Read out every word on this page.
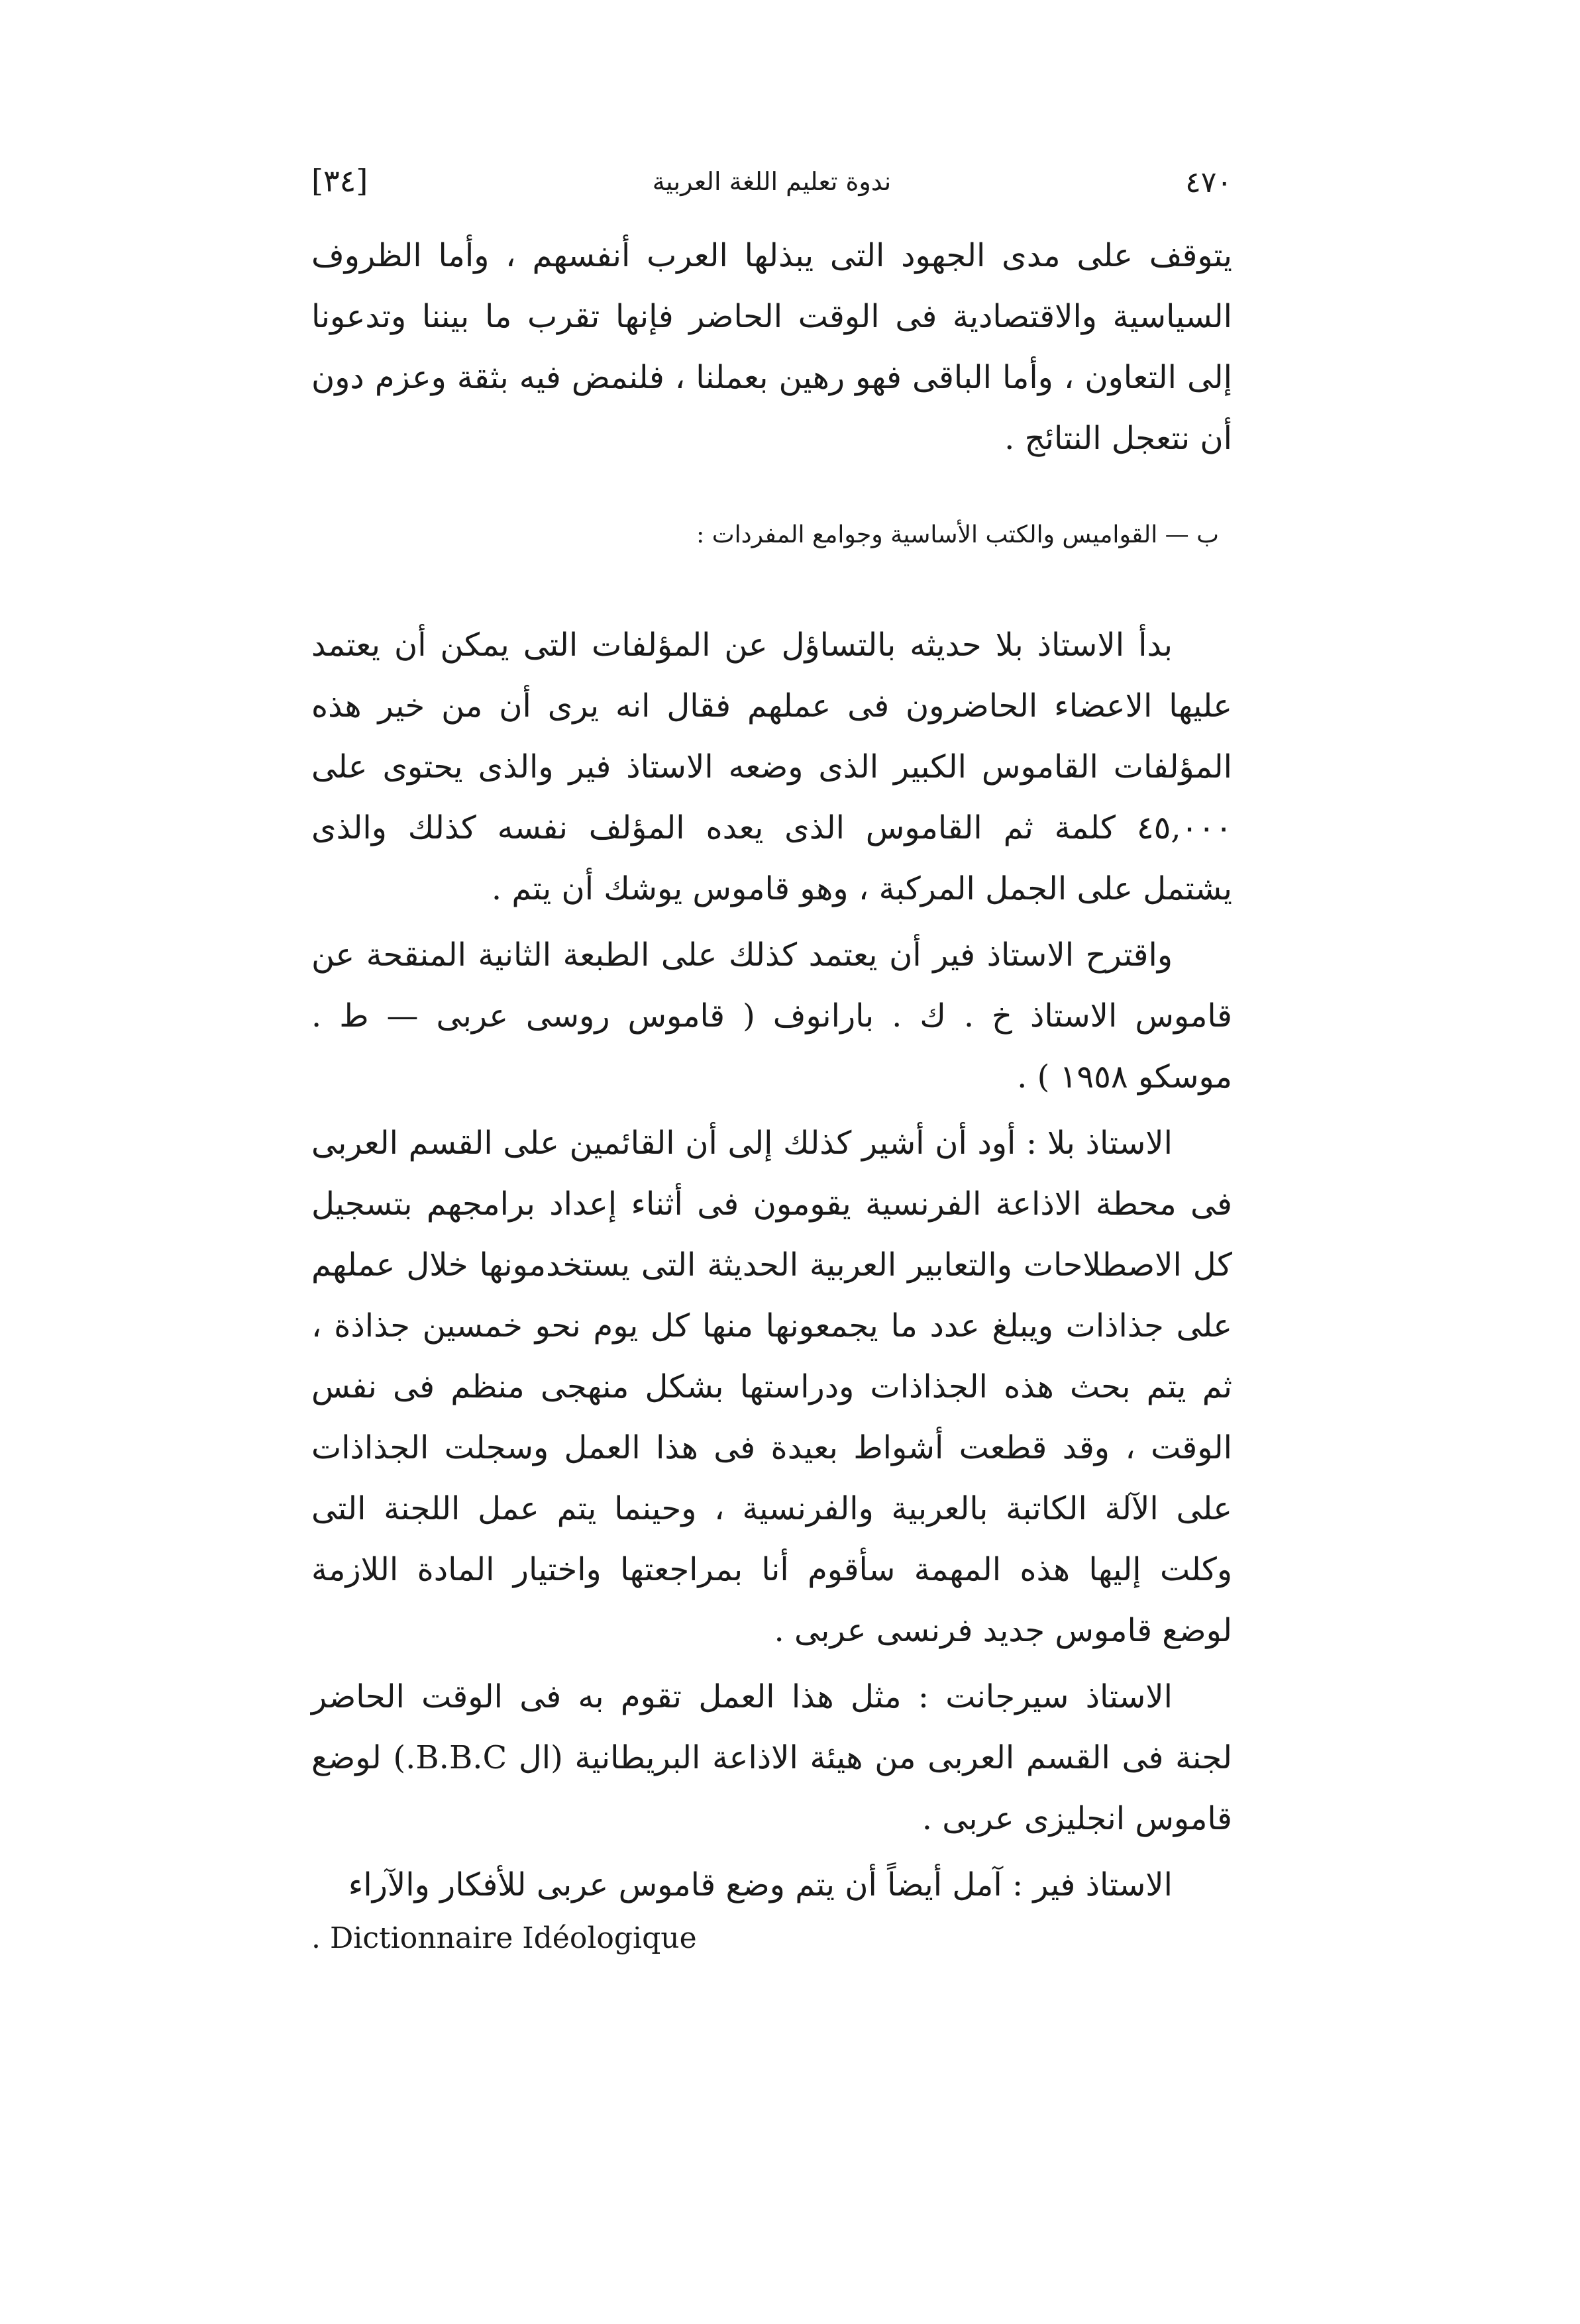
٤٧٠
ندوة تعليم اللغة العربية
[٣٤]

يتوقف على مدى الجهود التى يبذلها العرب أنفسهم ، وأما الظروف السياسية والاقتصادية فى الوقت الحاضر فإنها تقرب ما بيننا وتدعونا إلى التعاون ، وأما الباقى فهو رهين بعملنا ، فلنمض فيه بثقة وعزم دون أن نتعجل النتائج .

ب — القواميس والكتب الأساسية وجوامع المفردات :

بدأ الاستاذ بلا حديثه بالتساؤل عن المؤلفات التى يمكن أن يعتمد عليها الاعضاء الحاضرون فى عملهم فقال انه يرى أن من خير هذه المؤلفات القاموس الكبير الذى وضعه الاستاذ فير والذى يحتوى على ٤٥,٠٠٠ كلمة ثم القاموس الذى يعده المؤلف نفسه كذلك والذى يشتمل على الجمل المركبة ، وهو قاموس يوشك أن يتم .

واقترح الاستاذ فير أن يعتمد كذلك على الطبعة الثانية المنقحة عن قاموس الاستاذ خ . ك . بارانوف ( قاموس روسى عربى — ط . موسكو ١٩٥٨ ) .

الاستاذ بلا : أود أن أشير كذلك إلى أن القائمين على القسم العربى فى محطة الاذاعة الفرنسية يقومون فى أثناء إعداد برامجهم بتسجيل كل الاصطلاحات والتعابير العربية الحديثة التى يستخدمونها خلال عملهم على جذاذات ويبلغ عدد ما يجمعونها منها كل يوم نحو خمسين جذاذة ، ثم يتم بحث هذه الجذاذات ودراستها بشكل منهجى منظم فى نفس الوقت ، وقد قطعت أشواط بعيدة فى هذا العمل وسجلت الجذاذات على الآلة الكاتبة بالعربية والفرنسية ، وحينما يتم عمل اللجنة التى وكلت إليها هذه المهمة سأقوم أنا بمراجعتها واختيار المادة اللازمة لوضع قاموس جديد فرنسى عربى .

الاستاذ سيرجانت : مثل هذا العمل تقوم به فى الوقت الحاضر لجنة فى القسم العربى من هيئة الاذاعة البريطانية (ال B.B.C.) لوضع قاموس انجليزى عربى .

الاستاذ فير : آمل أيضاً أن يتم وضع قاموس عربى للأفكار والآراء

. Dictionnaire Idéologique
